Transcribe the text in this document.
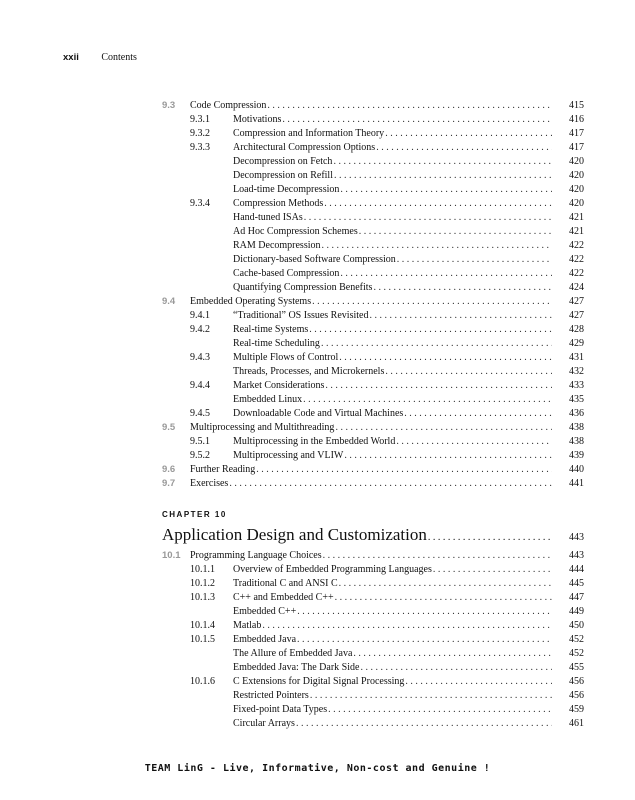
xxii Contents
9.3 Code Compression . . .	415
9.3.1 Motivations . . .	416
9.3.2 Compression and Information Theory . . .	417
9.3.3 Architectural Compression Options . . .	417
Decompression on Fetch . . .	420
Decompression on Refill . . .	420
Load-time Decompression . . .	420
9.3.4 Compression Methods . . .	420
Hand-tuned ISAs . . .	421
Ad Hoc Compression Schemes . . .	421
RAM Decompression . . .	422
Dictionary-based Software Compression . . .	422
Cache-based Compression . . .	422
Quantifying Compression Benefits . . .	424
9.4 Embedded Operating Systems . . .	427
9.4.1 “Traditional” OS Issues Revisited . . .	427
9.4.2 Real-time Systems . . .	428
Real-time Scheduling . . .	429
9.4.3 Multiple Flows of Control . . .	431
Threads, Processes, and Microkernels . . .	432
9.4.4 Market Considerations . . .	433
Embedded Linux . . .	435
9.4.5 Downloadable Code and Virtual Machines . . .	436
9.5 Multiprocessing and Multithreading . . .	438
9.5.1 Multiprocessing in the Embedded World . . .	438
9.5.2 Multiprocessing and VLIW . . .	439
9.6 Further Reading . . .	440
9.7 Exercises . . .	441
CHAPTER 10
Application Design and Customization . . .	443
10.1 Programming Language Choices . . .	443
10.1.1 Overview of Embedded Programming Languages . . .	444
10.1.2 Traditional C and ANSI C . . .	445
10.1.3 C++ and Embedded C++ . . .	447
Embedded C++ . . .	449
10.1.4 Matlab . . .	450
10.1.5 Embedded Java . . .	452
The Allure of Embedded Java . . .	452
Embedded Java: The Dark Side . . .	455
10.1.6 C Extensions for Digital Signal Processing . . .	456
Restricted Pointers . . .	456
Fixed-point Data Types . . .	459
Circular Arrays . . .	461
TEAM LinG - Live, Informative, Non-cost and Genuine !
